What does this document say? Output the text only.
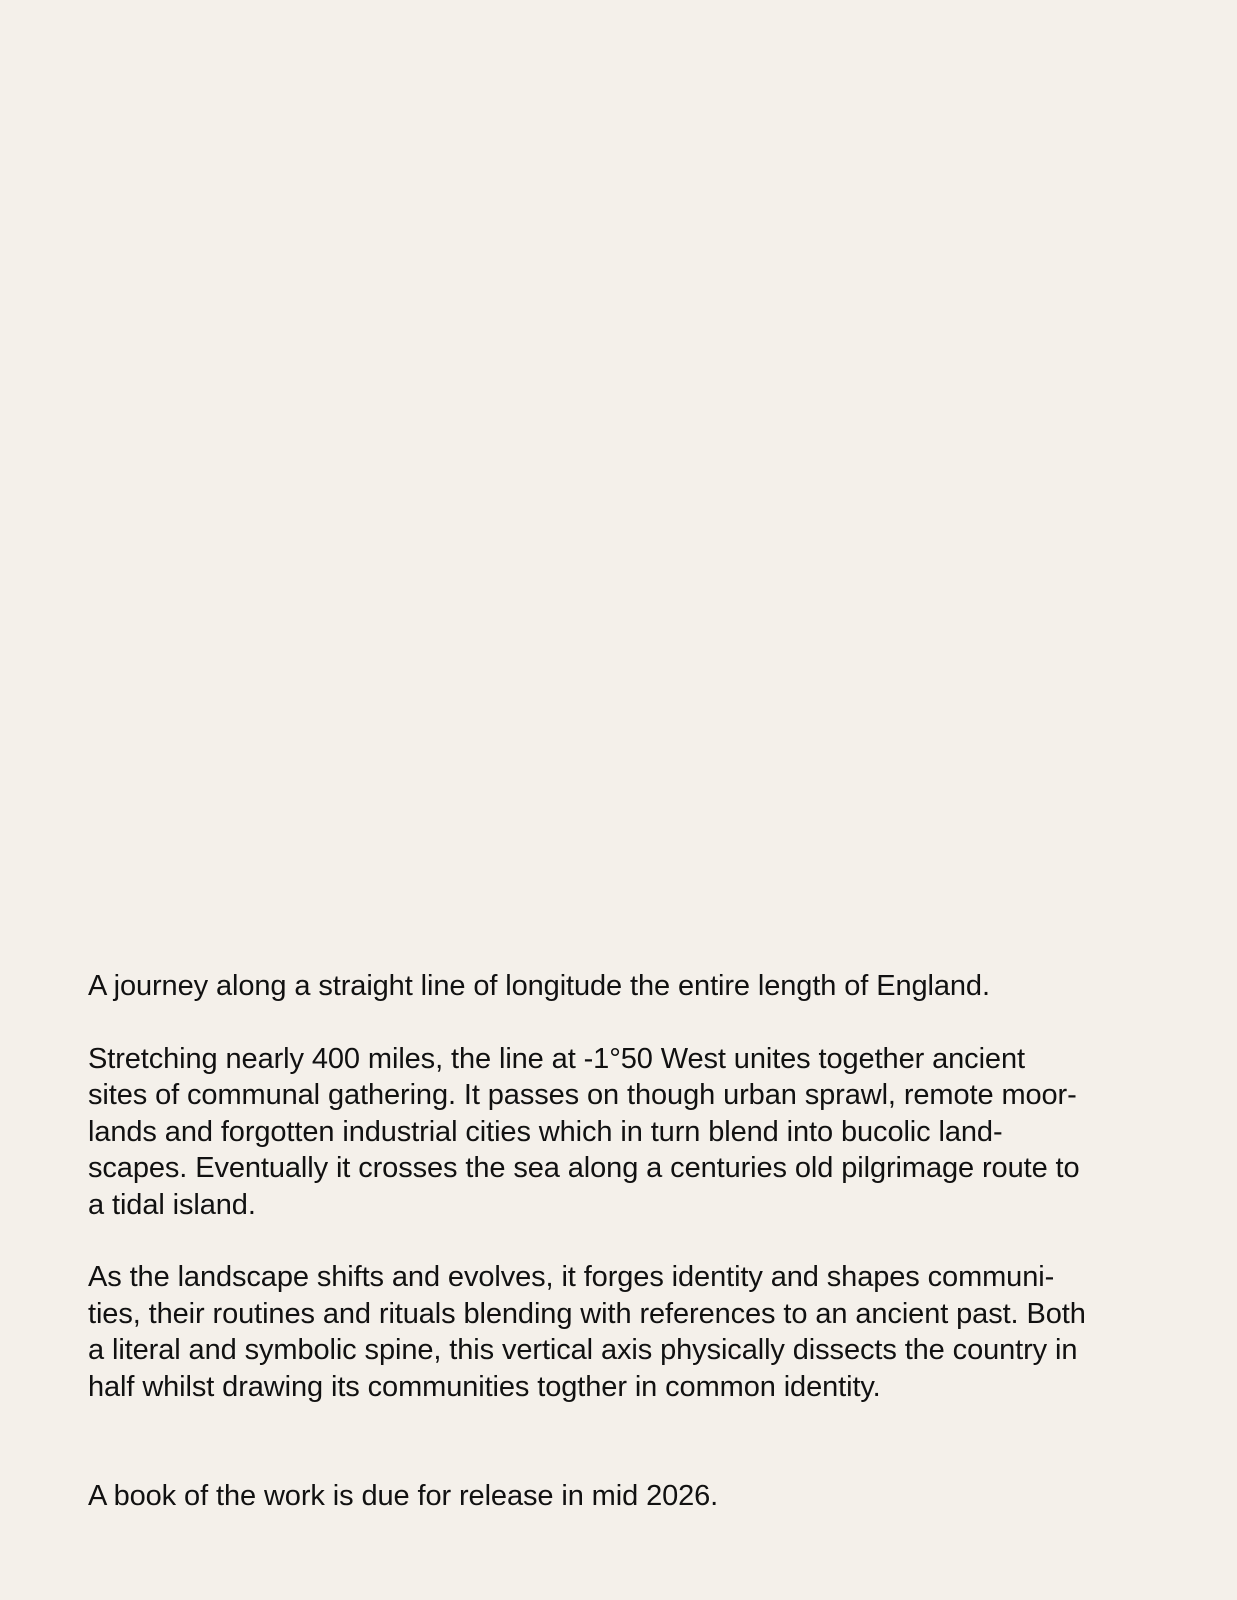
A journey along a straight line of longitude the entire length of England.

Stretching nearly 400 miles, the line at -1°50 West unites together ancient
sites of communal gathering. It passes on though urban sprawl, remote moor-
lands and forgotten industrial cities which in turn blend into bucolic land-
scapes. Eventually it crosses the sea along a centuries old pilgrimage route to
a tidal island.

As the landscape shifts and evolves, it forges identity and shapes communi-
ties, their routines and rituals blending with references to an ancient past. Both
a literal and symbolic spine, this vertical axis physically dissects the country in
half whilst drawing its communities togther in common identity.

A book of the work is due for release in mid 2026.
